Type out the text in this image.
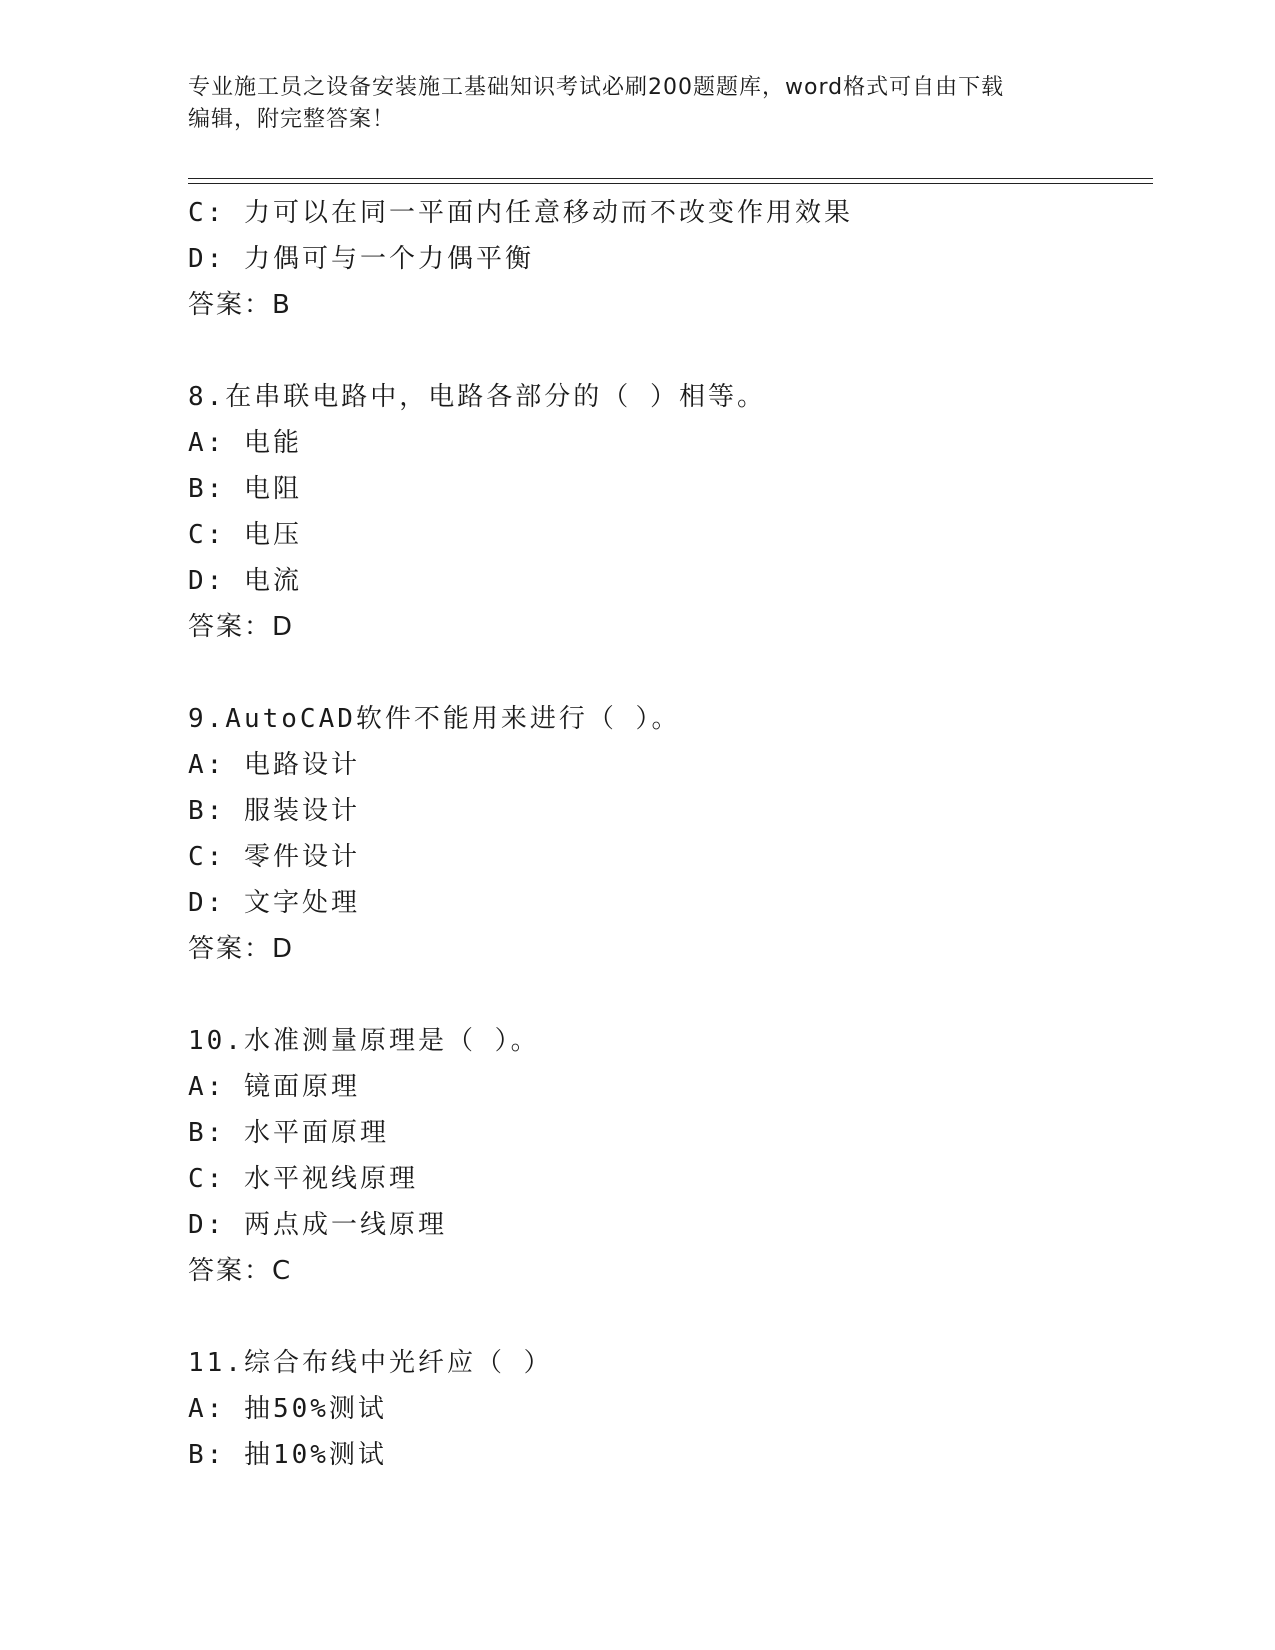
专业施工员之设备安装施工基础知识考试必刷200题题库，word格式可自由下载
编辑，附完整答案！
C: 力可以在同一平面内任意移动而不改变作用效果
D: 力偶可与一个力偶平衡
答案：B
8.在串联电路中，电路各部分的（ ）相等。
A: 电能
B: 电阻
C: 电压
D: 电流
答案：D
9.AutoCAD软件不能用来进行（ ）。
A: 电路设计
B: 服装设计
C: 零件设计
D: 文字处理
答案：D
10.水准测量原理是（ ）。
A: 镜面原理
B: 水平面原理
C: 水平视线原理
D: 两点成一线原理
答案：C
11.综合布线中光纤应（ ）
A: 抽50%测试
B: 抽10%测试
